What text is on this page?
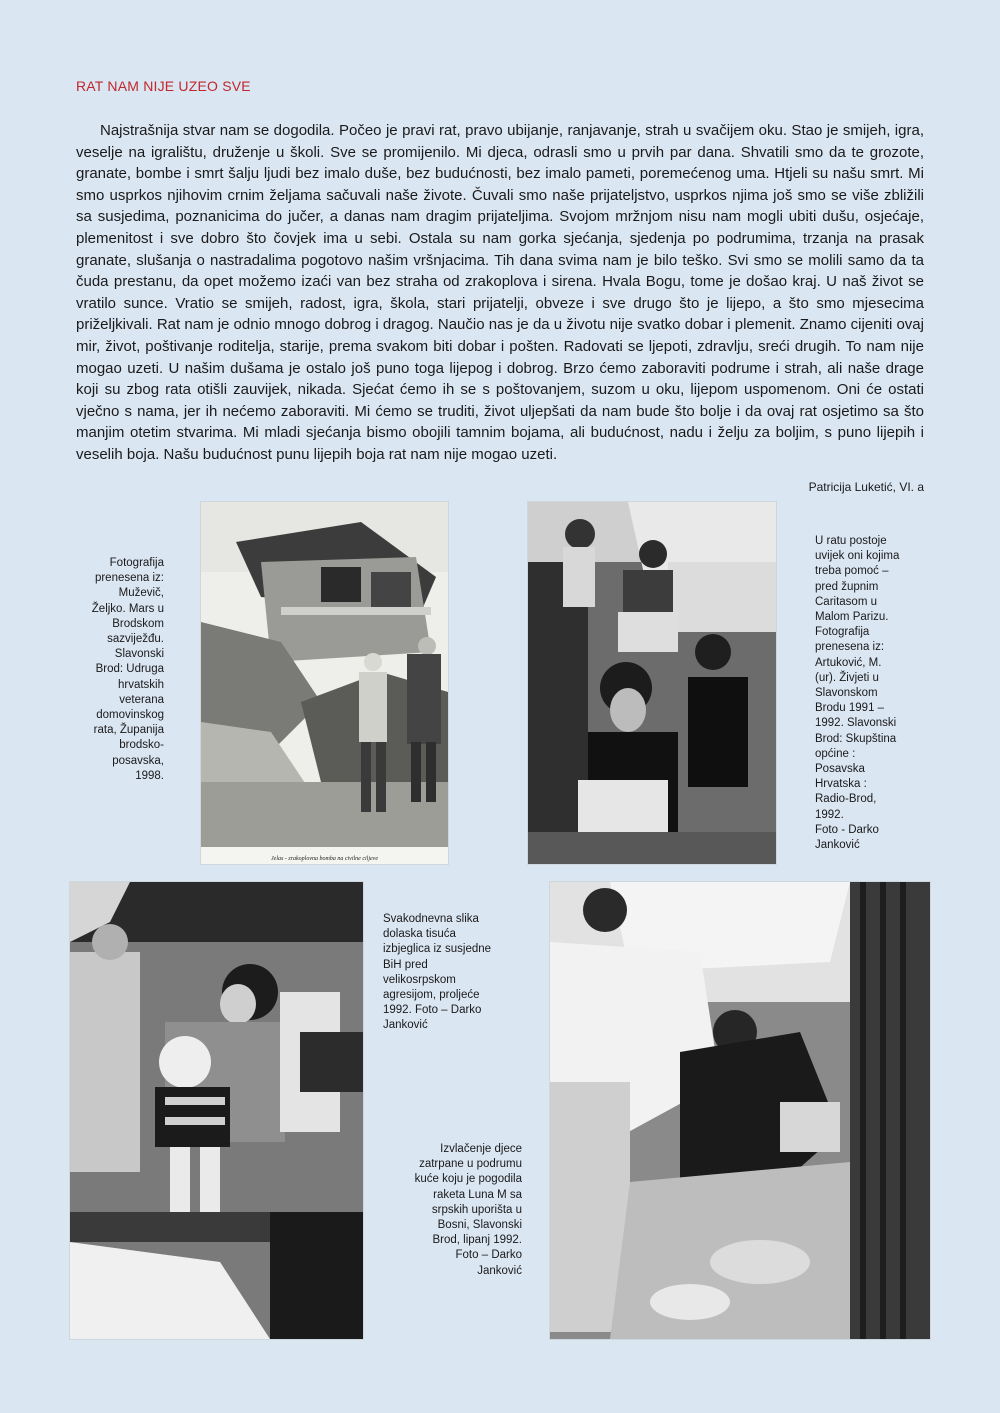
RAT NAM NIJE UZEO SVE

Najstrašnija stvar nam se dogodila. Počeo je pravi rat, pravo ubijanje, ranjavanje, strah u svačijem oku. Stao je smijeh, igra, veselje na igralištu, druženje u školi. Sve se promijenilo. Mi djeca, odrasli smo u prvih par dana. Shvatili smo da te grozote, granate, bombe i smrt šalju ljudi bez imalo duše, bez budućnosti, bez imalo pameti, poremećenog uma. Htjeli su našu smrt. Mi smo usprkos njihovim crnim željama sačuvali naše živote. Čuvali smo naše prijateljstvo, usprkos njima još smo se više zbližili sa susjedima, poznanicima do jučer, a danas nam dragim prijateljima. Svojom mržnjom nisu nam mogli ubiti dušu, osjećaje, plemenitost i sve dobro što čovjek ima u sebi. Ostala su nam gorka sjećanja, sjedenja po podrumima, trzanja na prasak granate, slušanja o nastradalima pogotovo našim vršnjacima. Tih dana svima nam je bilo teško. Svi smo se molili samo da ta čuda prestanu, da opet možemo izaći van bez straha od zrakoplova i sirena. Hvala Bogu, tome je došao kraj. U naš život se vratilo sunce. Vratio se smijeh, radost, igra, škola, stari prijatelji, obveze i sve drugo što je lijepo, a što smo mjesecima priželjkivali. Rat nam je odnio mnogo dobrog i dragog. Naučio nas je da u životu nije svatko dobar i plemenit. Znamo cijeniti ovaj mir, život, poštivanje roditelja, starije, prema svakom biti dobar i pošten. Radovati se ljepoti, zdravlju, sreći drugih. To nam nije mogao uzeti. U našim dušama je ostalo još puno toga lijepog i dobrog. Brzo ćemo zaboraviti podrume i strah, ali naše drage koji su zbog rata otišli zauvijek, nikada. Sjećat ćemo ih se s poštovanjem, suzom u oku, lijepom uspomenom. Oni će ostati vječno s nama, jer ih nećemo zaboraviti. Mi ćemo se truditi, život uljepšati da nam bude što bolje i da ovaj rat osjetimo sa što manjim otetim stvarima. Mi mladi sjećanja bismo obojili tamnim bojama, ali budućnost, nadu i želju za boljim, s puno lijepih i veselih boja. Našu budućnost punu lijepih boja rat nam nije mogao uzeti.

Patricija Luketić, VI. a
Fotografija
prenesena iz:
Muževič,
Željko. Mars u
Brodskom
sazviježđu.
Slavonski
Brod: Udruga
hrvatskih
veterana
domovinskog
rata, Županija
brodsko-
posavska,
1998.
Jelas - zrakoplovna bomba na civilne ciljeve
U ratu postoje
uvijek oni kojima
treba pomoć –
pred župnim
Caritasom u
Malom Parizu.
Fotografija
prenesena iz:
Artuković, M.
(ur). Živjeti u
Slavonskom
Brodu 1991 –
1992. Slavonski
Brod: Skupština
općine :
Posavska
Hrvatska :
Radio-Brod,
1992.
Foto - Darko
Janković
Svakodnevna slika
dolaska tisuća
izbjeglica iz susjedne
BiH pred
velikosrpskom
agresijom, proljeće
1992. Foto – Darko
Janković
Izvlačenje djece
zatrpane u podrumu
kuće koju je pogodila
raketa Luna M sa
srpskih uporišta u
Bosni, Slavonski
Brod, lipanj 1992.
Foto – Darko
Janković
